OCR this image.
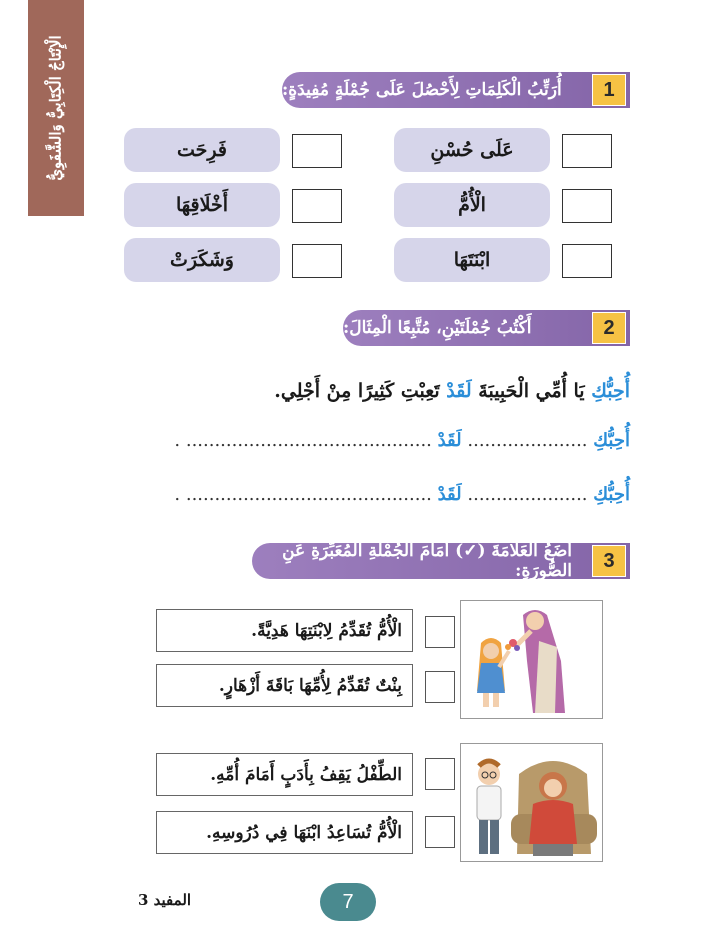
الْإِنْتَاجُ الْكِتَابِيُّ وَالشَّفَوِيُّ	أُرَتِّبُ الْكَلِمَاتِ لِأَحْصُلَ عَلَى جُمْلَةٍ مُفِيدَةٍ:	1
عَلَى حُسْنِ
الْأُمُّ
ابْنَتَهَا
فَرِحَت
أَخْلَاقِهَا
وَشَكَرَتْ
أَكْتُبُ جُمْلَتَيْنِ، مُتَّبِعًا الْمِثَالَ:	2
أُحِبُّكِ يَا أُمِّي الْحَبِيبَةَ لَقَدْ تَعِبْتِ كَثِيرًا مِنْ أَجْلِي.
أُحِبُّكِ ..................... لَقَدْ ........................................... .
أُحِبُّكِ ..................... لَقَدْ ........................................... .
أَضَعُ الْعَلَامَةَ (✓) أَمَامَ الْجُمْلَةِ الْمُعَبِّرَةِ عَنِ الصُّورَةِ:	3
الْأُمُّ تُقَدِّمُ لِابْنَتِهَا هَدِيَّةً.
بِنْتٌ تُقَدِّمُ لِأُمِّهَا بَاقَةَ أَزْهَارٍ.
الطِّفْلُ يَقِفُ بِأَدَبٍ أَمَامَ أُمِّهِ.
الْأُمُّ تُسَاعِدُ ابْنَهَا فِي دُرُوسِهِ.
7
المفيد 3
